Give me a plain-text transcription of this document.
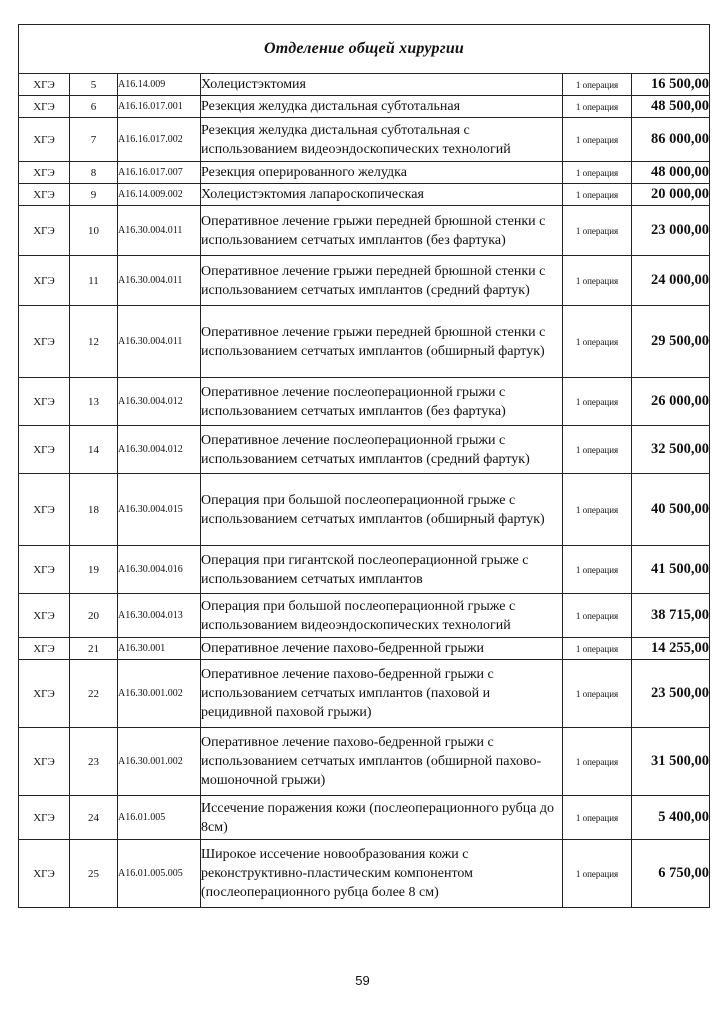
Отделение общей хирургии					
ХГЭ	5	A16.14.009	Холецистэктомия	1 операция	16 500,00
ХГЭ	6	A16.16.017.001	Резекция желудка дистальная субтотальная	1 операция	48 500,00
ХГЭ	7	A16.16.017.002	Резекция желудка дистальная субтотальная с использованием видеоэндоскопических технологий	1 операция	86 000,00
ХГЭ	8	A16.16.017.007	Резекция оперированного желудка	1 операция	48 000,00
ХГЭ	9	A16.14.009.002	Холецистэктомия лапароскопическая	1 операция	20 000,00
ХГЭ	10	A16.30.004.011	Оперативное лечение грыжи передней брюшной стенки с использованием сетчатых имплантов (без фартука)	1 операция	23 000,00
ХГЭ	11	A16.30.004.011	Оперативное лечение грыжи передней брюшной стенки с использованием сетчатых имплантов (средний фартук)	1 операция	24 000,00
ХГЭ	12	A16.30.004.011	Оперативное лечение грыжи передней брюшной стенки с использованием сетчатых имплантов (обширный фартук)	1 операция	29 500,00
ХГЭ	13	A16.30.004.012	Оперативное лечение послеоперационной грыжи с использованием сетчатых имплантов (без фартука)	1 операция	26 000,00
ХГЭ	14	A16.30.004.012	Оперативное лечение послеоперационной грыжи с использованием сетчатых имплантов (средний фартук)	1 операция	32 500,00
ХГЭ	18	A16.30.004.015	Операция при большой послеоперационной грыже с использованием сетчатых имплантов (обширный фартук)	1 операция	40 500,00
ХГЭ	19	A16.30.004.016	Операция при гигантской послеоперационной грыже с использованием сетчатых имплантов	1 операция	41 500,00
ХГЭ	20	A16.30.004.013	Операция при большой послеоперационной грыже с использованием видеоэндоскопических технологий	1 операция	38 715,00
ХГЭ	21	A16.30.001	Оперативное лечение пахово-бедренной грыжи	1 операция	14 255,00
ХГЭ	22	A16.30.001.002	Оперативное лечение пахово-бедренной грыжи с использованием сетчатых имплантов (паховой и рецидивной паховой грыжи)	1 операция	23 500,00
ХГЭ	23	A16.30.001.002	Оперативное лечение пахово-бедренной грыжи с использованием сетчатых имплантов (обширной пахово-мошоночной грыжи)	1 операция	31 500,00
ХГЭ	24	A16.01.005	Иссечение поражения кожи (послеоперационного рубца до 8см)	1 операция	5 400,00
ХГЭ	25	A16.01.005.005	Широкое иссечение новообразования кожи с реконструктивно-пластическим компонентом (послеоперационного рубца более 8 см)	1 операция	6 750,00
59
